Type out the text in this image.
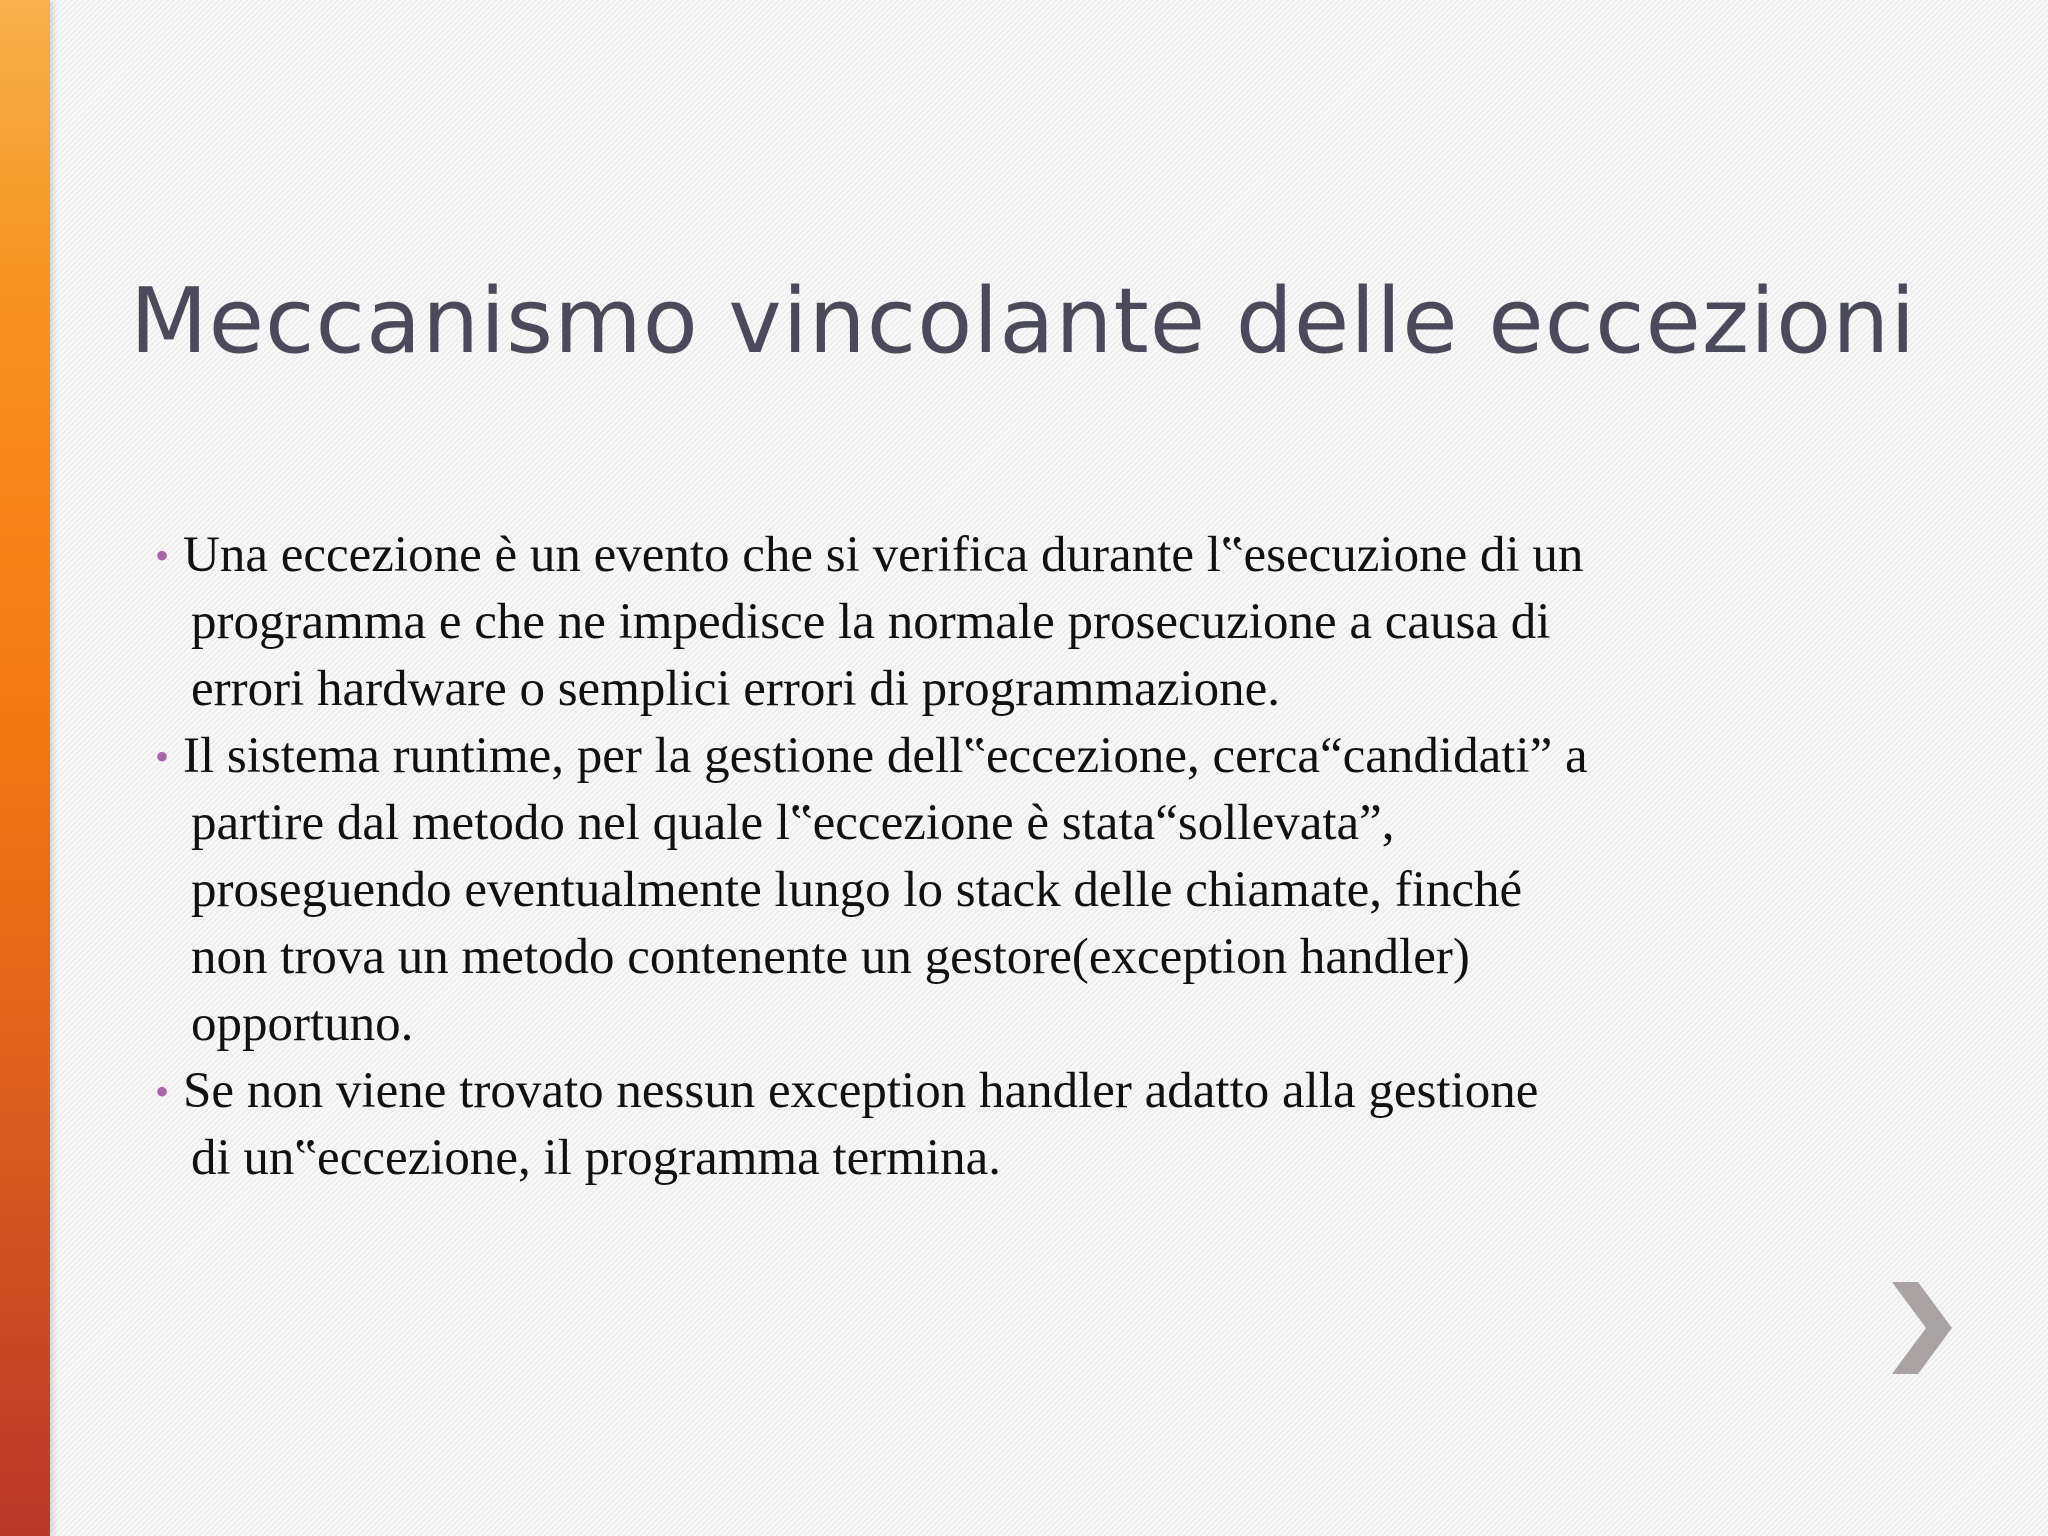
Meccanismo vincolante delle eccezioni
• Una eccezione è un evento che si verifica durante l‟esecuzione di un
programma e che ne impedisce la normale prosecuzione a causa di
errori hardware o semplici errori di programmazione.
• Il sistema runtime, per la gestione dell‟eccezione, cerca“candidati” a
partire dal metodo nel quale l‟eccezione è stata“sollevata”,
proseguendo eventualmente lungo lo stack delle chiamate, finché
non trova un metodo contenente un gestore(exception handler)
opportuno.
• Se non viene trovato nessun exception handler adatto alla gestione
di un‟eccezione, il programma termina.
